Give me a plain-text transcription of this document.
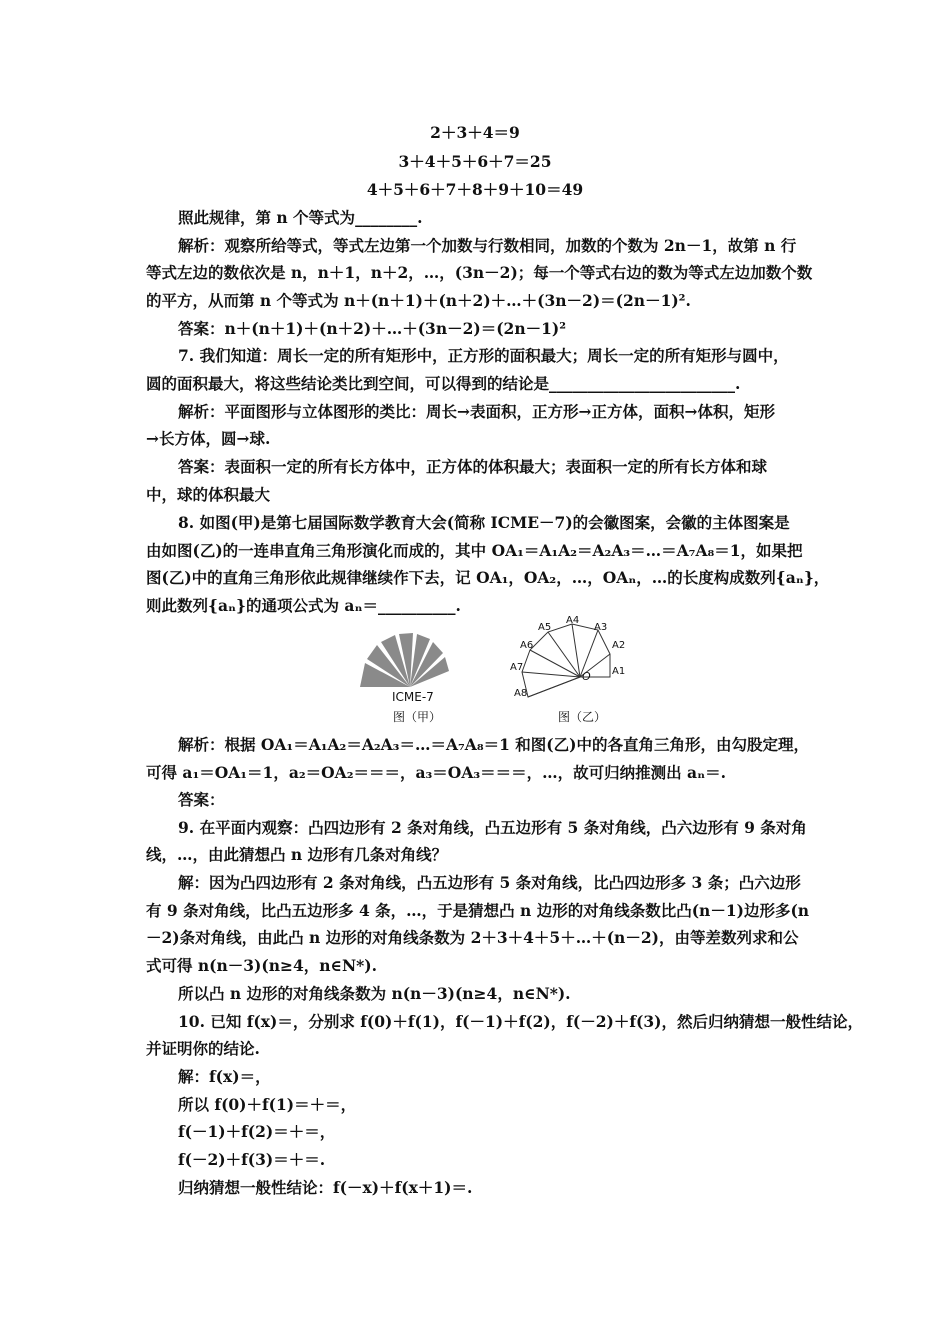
2＋3＋4＝9
3＋4＋5＋6＋7＝25
4＋5＋6＋7＋8＋9＋10＝49
照此规律，第 n 个等式为________.
解析：观察所给等式，等式左边第一个加数与行数相同，加数的个数为 2n－1，故第 n 行
等式左边的数依次是 n，n＋1，n＋2，…，(3n－2)；每一个等式右边的数为等式左边加数个数
的平方，从而第 n 个等式为 n＋(n＋1)＋(n＋2)＋…＋(3n－2)＝(2n－1)².
答案：n＋(n＋1)＋(n＋2)＋…＋(3n－2)＝(2n－1)²
7. 我们知道：周长一定的所有矩形中，正方形的面积最大；周长一定的所有矩形与圆中，
圆的面积最大，将这些结论类比到空间，可以得到的结论是________________________.
解析：平面图形与立体图形的类比：周长→表面积，正方形→正方体，面积→体积，矩形
→长方体，圆→球.
答案：表面积一定的所有长方体中，正方体的体积最大；表面积一定的所有长方体和球
中，球的体积最大
8. 如图(甲)是第七届国际数学教育大会(简称 ICME－7)的会徽图案，会徽的主体图案是
由如图(乙)的一连串直角三角形演化而成的，其中 OA₁＝A₁A₂＝A₂A₃＝…＝A₇A₈＝1，如果把
图(乙)中的直角三角形依此规律继续作下去，记 OA₁，OA₂，…，OAₙ，…的长度构成数列{aₙ}，
则此数列{aₙ}的通项公式为 aₙ＝__________.
ICME-7
图（甲）
A5
A4
A3
A2
A1
A6
A7
A8
O
图（乙）
解析：根据 OA₁＝A₁A₂＝A₂A₃＝…＝A₇A₈＝1 和图(乙)中的各直角三角形，由勾股定理，
可得 a₁＝OA₁＝1，a₂＝OA₂＝＝＝，a₃＝OA₃＝＝＝，…，故可归纳推测出 aₙ＝.
答案：
9. 在平面内观察：凸四边形有 2 条对角线，凸五边形有 5 条对角线，凸六边形有 9 条对角
线，…，由此猜想凸 n 边形有几条对角线？
解：因为凸四边形有 2 条对角线，凸五边形有 5 条对角线，比凸四边形多 3 条；凸六边形
有 9 条对角线，比凸五边形多 4 条，…，于是猜想凸 n 边形的对角线条数比凸(n－1)边形多(n
－2)条对角线，由此凸 n 边形的对角线条数为 2＋3＋4＋5＋…＋(n－2)，由等差数列求和公
式可得 n(n－3)(n≥4，n∈N*).
所以凸 n 边形的对角线条数为 n(n－3)(n≥4，n∈N*).
10. 已知 f(x)＝，分别求 f(0)＋f(1)，f(－1)＋f(2)，f(－2)＋f(3)，然后归纳猜想一般性结论，
并证明你的结论.
解：f(x)＝，
所以 f(0)＋f(1)＝＋＝，
f(－1)＋f(2)＝＋＝，
f(－2)＋f(3)＝＋＝.
归纳猜想一般性结论：f(－x)＋f(x＋1)＝.
